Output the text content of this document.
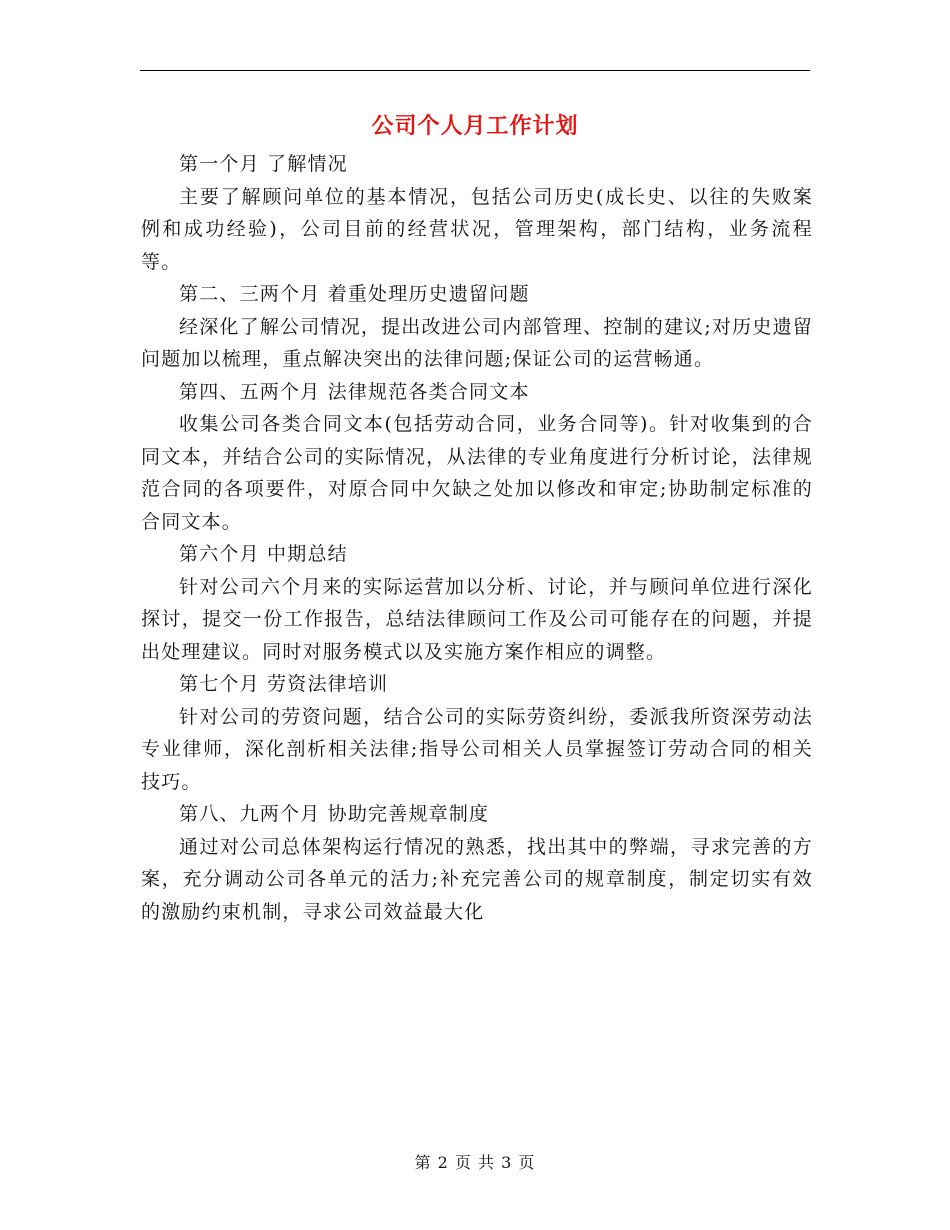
公司个人月工作计划

第一个月 了解情况

主要了解顾问单位的基本情况，包括公司历史(成长史、以往的失败案例和成功经验)，公司目前的经营状况，管理架构，部门结构，业务流程等。

第二、三两个月 着重处理历史遗留问题

经深化了解公司情况，提出改进公司内部管理、控制的建议;对历史遗留问题加以梳理，重点解决突出的法律问题;保证公司的运营畅通。

第四、五两个月 法律规范各类合同文本

收集公司各类合同文本(包括劳动合同，业务合同等)。针对收集到的合同文本，并结合公司的实际情况，从法律的专业角度进行分析讨论，法律规范合同的各项要件，对原合同中欠缺之处加以修改和审定;协助制定标准的合同文本。

第六个月 中期总结

针对公司六个月来的实际运营加以分析、讨论，并与顾问单位进行深化探讨，提交一份工作报告，总结法律顾问工作及公司可能存在的问题，并提出处理建议。同时对服务模式以及实施方案作相应的调整。

第七个月 劳资法律培训

针对公司的劳资问题，结合公司的实际劳资纠纷，委派我所资深劳动法专业律师，深化剖析相关法律;指导公司相关人员掌握签订劳动合同的相关技巧。

第八、九两个月 协助完善规章制度

通过对公司总体架构运行情况的熟悉，找出其中的弊端，寻求完善的方案，充分调动公司各单元的活力;补充完善公司的规章制度，制定切实有效的激励约束机制，寻求公司效益最大化

第 2 页 共 3 页
